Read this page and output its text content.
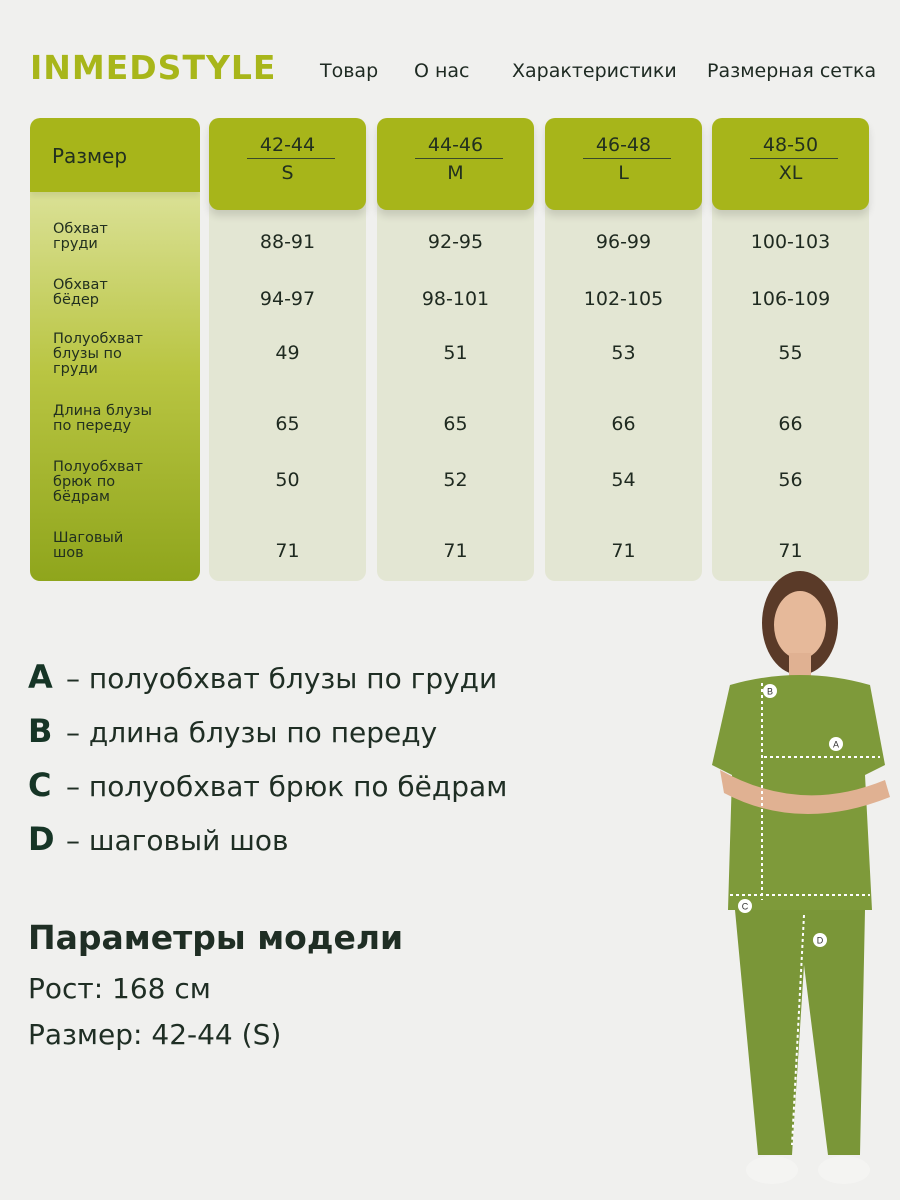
INMEDSTYLE Товар О нас Характеристики Размерная сетка
Размер
Обхват
груди
Обхват
бёдер
Полуобхват
блузы по
груди
Длина блузы
по переду
Полуобхват
брюк по
бёдрам
Шаговый
шов
42-44
S
88-91
94-97
49
65
50
71
44-46
M
92-95
98-101
51
65
52
71
46-48
L
96-99
102-105
53
66
54
71
48-50
XL
100-103
106-109
55
66
56
71
A – полуобхват блузы по груди
B – длина блузы по переду
C – полуобхват брюк по бёдрам
D – шаговый шов
Параметры модели
Рост: 168 см
Размер: 42-44 (S)
B
A
C
D
